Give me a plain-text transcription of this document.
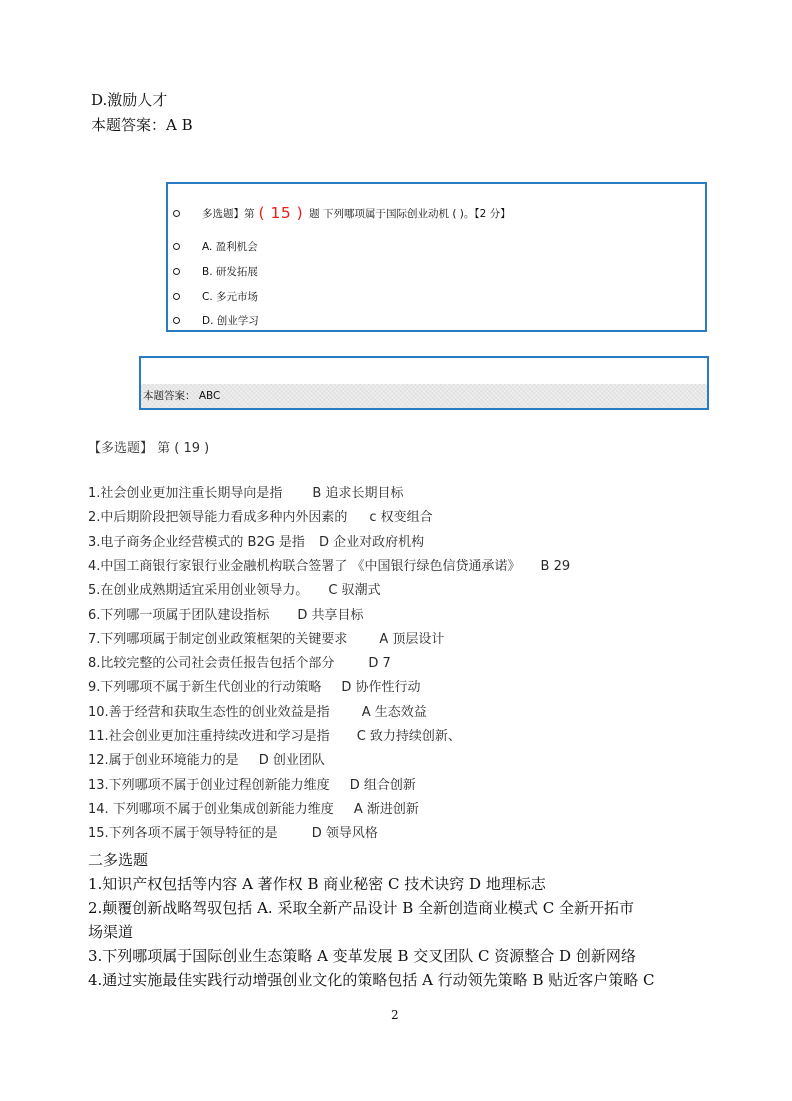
D.激励人才
本题答案：A B
多选题】第 ( 15 ) 题 下列哪项属于国际创业动机 ( )。【2 分】
A. 盈利机会
B. 研发拓展
C. 多元市场
D. 创业学习
本题答案： ABC
【多选题】 第 ( 19 )
1.社会创业更加注重长期导向是指 B 追求长期目标
2.中后期阶段把领导能力看成多种内外因素的 c 权变组合
3.电子商务企业经营模式的 B2G 是指 D 企业对政府机构
4.中国工商银行家银行业金融机构联合签署了 《中国银行绿色信贷通承诺》 B 29
5.在创业成熟期适宜采用创业领导力。 C 驭潮式
6.下列哪一项属于团队建设指标 D 共享目标
7.下列哪项属于制定创业政策框架的关键要求 A 顶层设计
8.比较完整的公司社会责任报告包括个部分	D 7
9.下列哪项不属于新生代创业的行动策略 D 协作性行动
10.善于经营和获取生态性的创业效益是指 A 生态效益
11.社会创业更加注重持续改进和学习是指 C 致力持续创新、
12.属于创业环境能力的是 D 创业团队
13.下列哪项不属于创业过程创新能力维度 D 组合创新
14. 下列哪项不属于创业集成创新能力维度 A 渐进创新
15.下列各项不属于领导特征的是	D 领导风格
二多选题
1.知识产权包括等内容 A 著作权 B 商业秘密 C 技术诀窍 D 地理标志
2.颠覆创新战略驾驭包括 A. 采取全新产品设计 B 全新创造商业模式 C 全新开拓市
场渠道
3.下列哪项属于国际创业生态策略 A 变革发展 B 交叉团队 C 资源整合 D 创新网络
4.通过实施最佳实践行动增强创业文化的策略包括 A 行动领先策略 B 贴近客户策略 C
2
